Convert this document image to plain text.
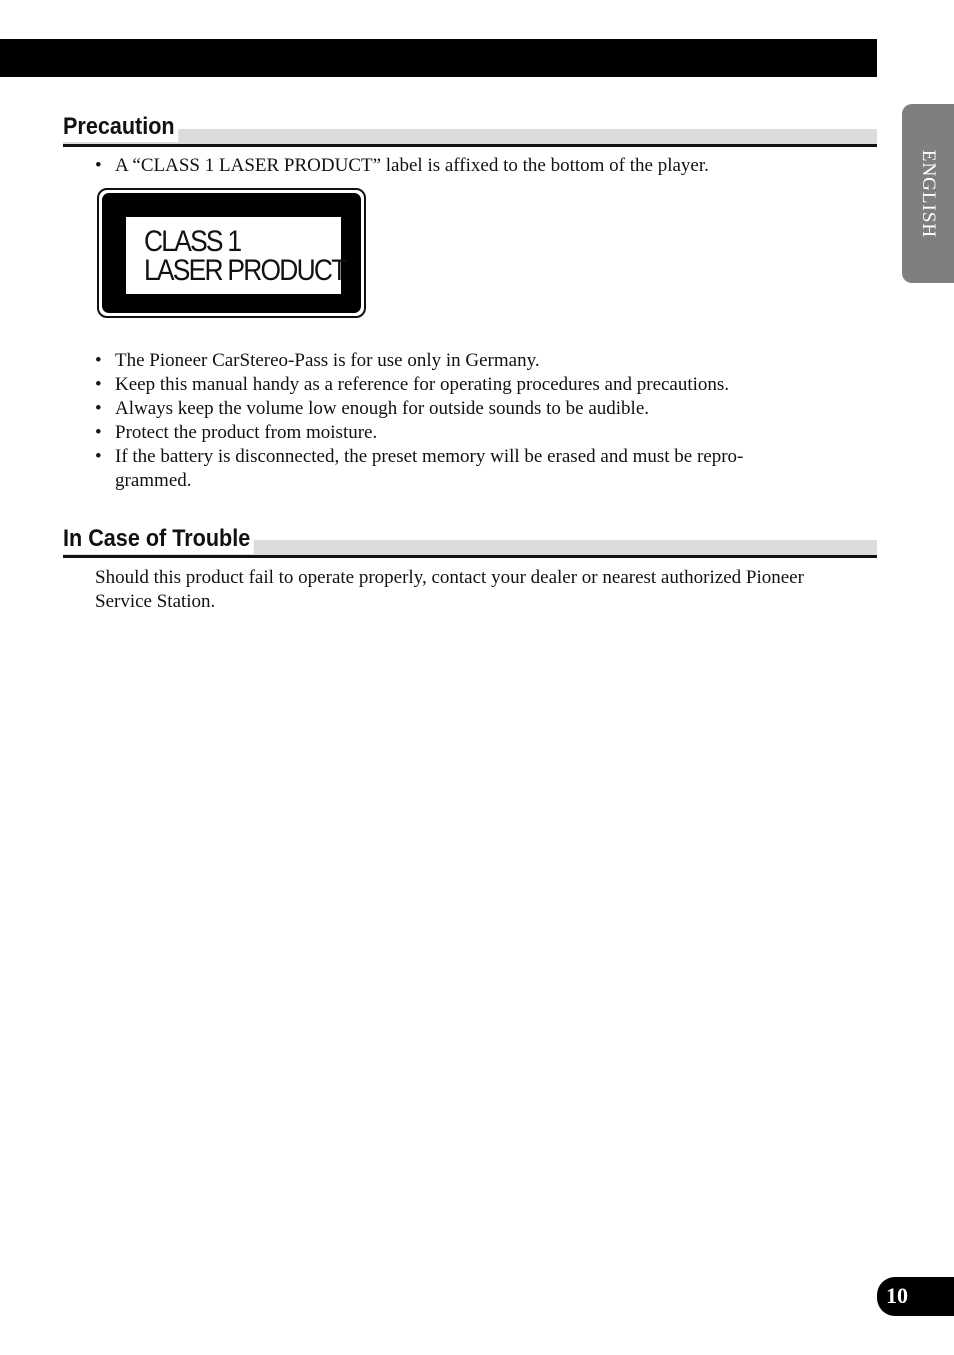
ENGLISH
Precaution
• A “CLASS 1 LASER PRODUCT” label is affixed to the bottom of the player.
CLASS 1
LASER PRODUCT
• The Pioneer CarStereo-Pass is for use only in Germany.
• Keep this manual handy as a reference for operating procedures and precautions.
• Always keep the volume low enough for outside sounds to be audible.
• Protect the product from moisture.
• If the battery is disconnected, the preset memory will be erased and must be repro-grammed.
In Case of Trouble

Should this product fail to operate properly, contact your dealer or nearest authorized Pioneer Service Station.

10
